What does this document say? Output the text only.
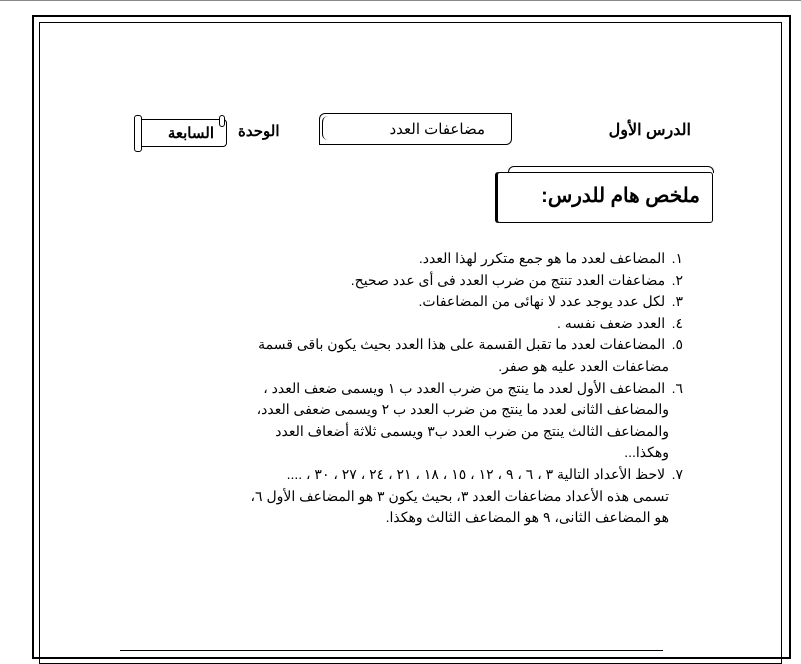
الدرس الأول
مضاعفات العدد
الوحدة
السابعة
ملخص هام للدرس:
١. المضاعف لعدد ما هو جمع متكرر لهذا العدد.
٢. مضاعفات العدد تنتج من ضرب العدد فى أى عدد صحيح.
٣. لكل عدد يوجد عدد لا نهائى من المضاعفات.
٤. العدد ضعف نفسه .
٥. المضاعفات لعدد ما تقبل القسمة على هذا العدد بحيث يكون باقى قسمة
مضاعفات العدد عليه هو صفر.
٦. المضاعف الأول لعدد ما ينتج من ضرب العدد ب ١ ويسمى ضعف العدد ،
والمضاعف الثانى لعدد ما ينتج من ضرب العدد ب ٢ ويسمى ضعفى العدد،
والمضاعف الثالث ينتج من ضرب العدد ب٣ ويسمى ثلاثة أضعاف العدد
وهكذا...
٧. لاحظ الأعداد التالية ٣ ، ٦ ، ٩ ، ١٢ ، ١٥ ، ١٨ ، ٢١ ، ٢٤ ، ٢٧ ، ٣٠ ، ....
تسمى هذه الأعداد مضاعفات العدد ٣، بحيث يكون ٣ هو المضاعف الأول ٦،
هو المضاعف الثانى، ٩ هو المضاعف الثالث وهكذا.
